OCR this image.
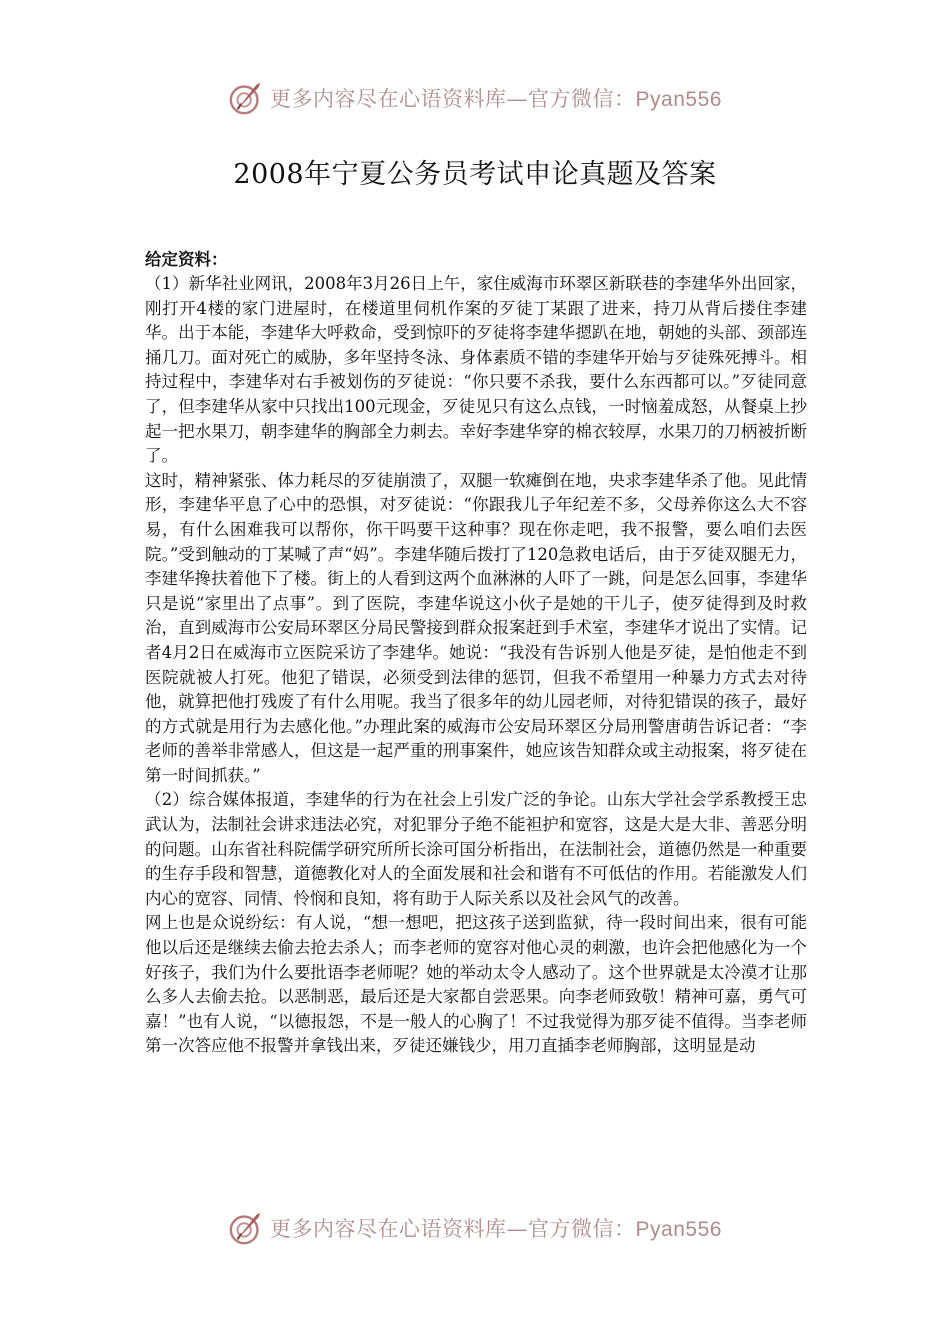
更多内容尽在心语资料库—官方微信：Pyan556
2008年宁夏公务员考试申论真题及答案
给定资料：

（1）新华社业网讯，2008年3月26日上午，家住威海市环翠区新联巷的李建华外出回家，刚打开4楼的家门进屋时，在楼道里伺机作案的歹徒丁某跟了进来，持刀从背后搂住李建华。出于本能，李建华大呼救命，受到惊吓的歹徒将李建华摁趴在地，朝她的头部、颈部连捅几刀。面对死亡的威胁，多年坚持冬泳、身体素质不错的李建华开始与歹徒殊死搏斗。相持过程中，李建华对右手被划伤的歹徒说：“你只要不杀我，要什么东西都可以。”歹徒同意了，但李建华从家中只找出100元现金，歹徒见只有这么点钱，一时恼羞成怒，从餐桌上抄起一把水果刀，朝李建华的胸部全力刺去。幸好李建华穿的棉衣较厚，水果刀的刀柄被折断了。

这时，精神紧张、体力耗尽的歹徒崩溃了，双腿一软瘫倒在地，央求李建华杀了他。见此情形，李建华平息了心中的恐惧，对歹徒说：“你跟我儿子年纪差不多，父母养你这么大不容易，有什么困难我可以帮你，你干吗要干这种事？现在你走吧，我不报警，要么咱们去医院。”受到触动的丁某喊了声“妈”。李建华随后拨打了120急救电话后，由于歹徒双腿无力，李建华搀扶着他下了楼。街上的人看到这两个血淋淋的人吓了一跳，问是怎么回事，李建华只是说“家里出了点事”。到了医院，李建华说这小伙子是她的干儿子，使歹徒得到及时救治，直到威海市公安局环翠区分局民警接到群众报案赶到手术室，李建华才说出了实情。记者4月2日在威海市立医院采访了李建华。她说：“我没有告诉别人他是歹徒，是怕他走不到医院就被人打死。他犯了错误，必须受到法律的惩罚，但我不希望用一种暴力方式去对待他，就算把他打残废了有什么用呢。我当了很多年的幼儿园老师，对待犯错误的孩子，最好的方式就是用行为去感化他。”办理此案的威海市公安局环翠区分局刑警唐萌告诉记者：“李老师的善举非常感人，但这是一起严重的刑事案件，她应该告知群众或主动报案，将歹徒在第一时间抓获。”

（2）综合媒体报道，李建华的行为在社会上引发广泛的争论。山东大学社会学系教授王忠武认为，法制社会讲求违法必究，对犯罪分子绝不能袒护和宽容，这是大是大非、善恶分明的问题。山东省社科院儒学研究所所长涂可国分析指出，在法制社会，道德仍然是一种重要的生存手段和智慧，道德教化对人的全面发展和社会和谐有不可低估的作用。若能激发人们内心的宽容、同情、怜悯和良知，将有助于人际关系以及社会风气的改善。

网上也是众说纷纭：有人说，“想一想吧，把这孩子送到监狱，待一段时间出来，很有可能他以后还是继续去偷去抢去杀人；而李老师的宽容对他心灵的刺激，也许会把他感化为一个好孩子，我们为什么要批语李老师呢？她的举动太令人感动了。这个世界就是太冷漠才让那么多人去偷去抢。以恶制恶，最后还是大家都自尝恶果。向李老师致敬！精神可嘉，勇气可嘉！”也有人说，“以德报怨，不是一般人的心胸了！不过我觉得为那歹徒不值得。当李老师第一次答应他不报警并拿钱出来，歹徒还嫌钱少，用刀直插李老师胸部，这明显是动

更多内容尽在心语资料库—官方微信：Pyan556
